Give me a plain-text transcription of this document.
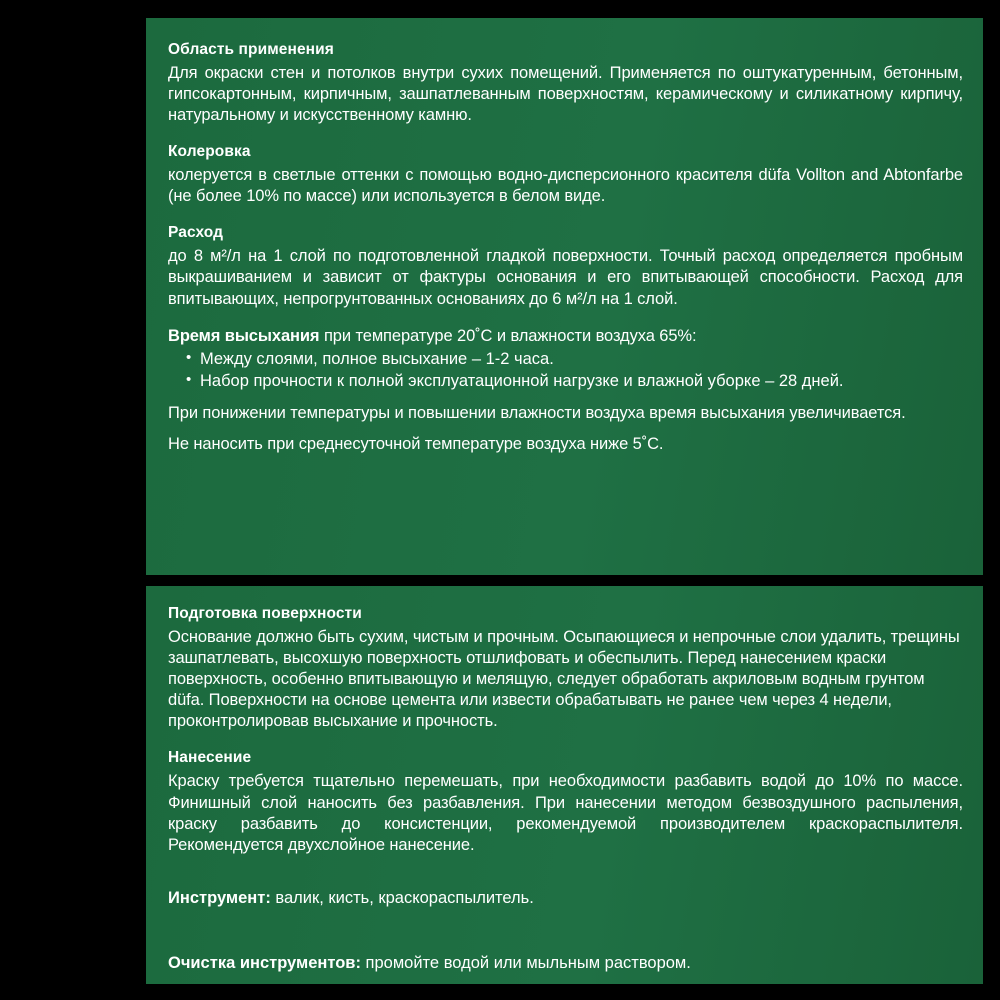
Область применения

Для окраски стен и потолков внутри сухих помещений. Применяется по оштукатуренным, бетонным, гипсокартонным, кирпичным, зашпатлеванным поверхностям, керамическому и силикатному кирпичу, натуральному и искусственному камню.

Колеровка

колеруется в светлые оттенки с помощью водно-дисперсионного красителя düfa Vollton and Abtonfarbe (не более 10% по массе) или используется в белом виде.

Расход

до 8 м²/л на 1 слой по подготовленной гладкой поверхности. Точный расход определяется пробным выкрашиванием и зависит от фактуры основания и его впитывающей способности. Расход для впитывающих, непрогрунтованных основаниях до 6 м²/л на 1 слой.

Время высыхания при температуре 20˚C и влажности воздуха 65%:

• Между слоями, полное высыхание – 1-2 часа.
• Набор прочности к полной эксплуатационной нагрузке и влажной уборке – 28 дней.

При понижении температуры и повышении влажности воздуха время высыхания увеличивается.

Не наносить при среднесуточной температуре воздуха ниже 5˚C.

Подготовка поверхности

Основание должно быть сухим, чистым и прочным. Осыпающиеся и непрочные слои удалить, трещины зашпатлевать, высохшую поверхность отшлифовать и обеспылить. Перед нанесением краски поверхность, особенно впитывающую и мелящую, следует обработать акриловым водным грунтом düfa. Поверхности на основе цемента или извести обрабатывать не ранее чем через 4 недели, проконтролировав высыхание и прочность.

Нанесение

Краску требуется тщательно перемешать, при необходимости разбавить водой до 10% по массе. Финишный слой наносить без разбавления. При нанесении методом безвоздушного распыления, краску разбавить до консистенции, рекомендуемой производителем краскораспылителя. Рекомендуется двухслойное нанесение.

Инструмент: валик, кисть, краскораспылитель.

Очистка инструментов: промойте водой или мыльным раствором.
